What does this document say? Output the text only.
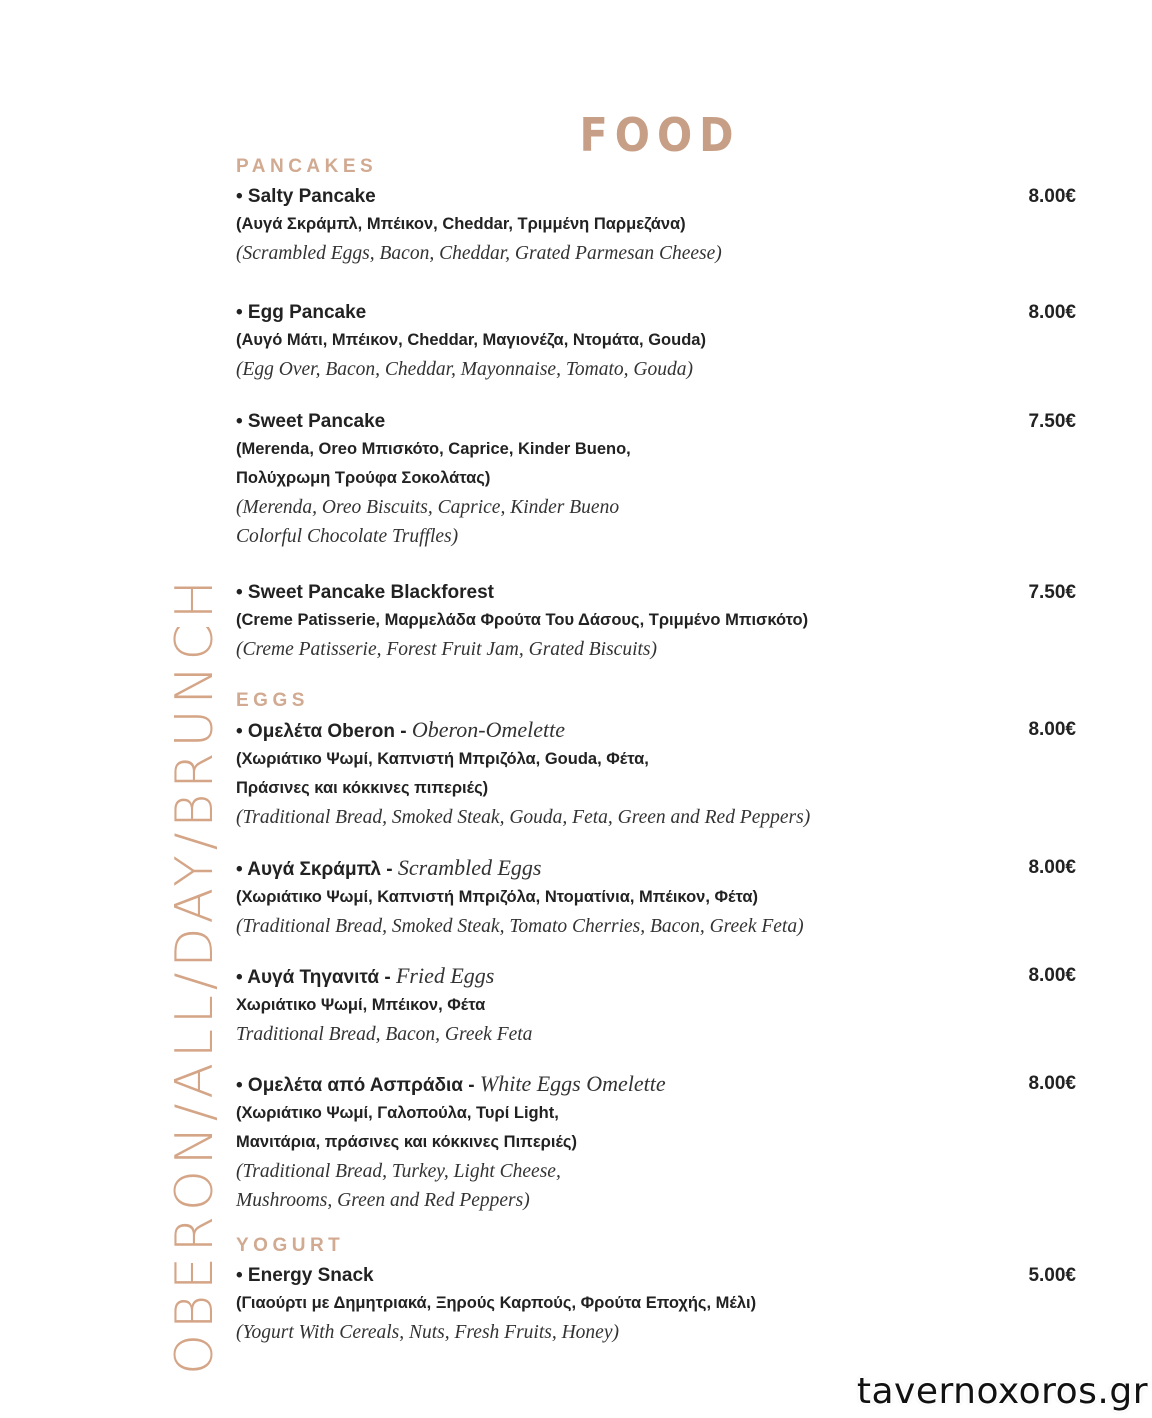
FOOD
OBERON/ALL/DAY/BRUNCH
PANCAKES
• Salty Pancake	8.00€
(Αυγά Σκράμπλ, Μπέικον, Cheddar, Τριμμένη Παρμεζάνα)
(Scrambled Eggs, Bacon, Cheddar, Grated Parmesan Cheese)
• Egg Pancake	8.00€
(Αυγό Μάτι, Μπέικον, Cheddar, Μαγιονέζα, Ντομάτα, Gouda)
(Egg Over, Bacon, Cheddar, Mayonnaise, Tomato, Gouda)
• Sweet Pancake	7.50€
(Merenda, Oreo Μπισκότο, Caprice, Kinder Bueno,
Πολύχρωμη Τρούφα Σοκολάτας)
(Merenda, Oreo Biscuits, Caprice, Kinder Bueno
Colorful Chocolate Truffles)
• Sweet Pancake Blackforest	7.50€
(Creme Patisserie, Μαρμελάδα Φρούτα Του Δάσους, Τριμμένο Μπισκότο)
(Creme Patisserie, Forest Fruit Jam, Grated Biscuits)
EGGS
• Ομελέτα Oberon - Oberon-Omelette	8.00€
(Χωριάτικο Ψωμί, Καπνιστή Μπριζόλα, Gouda, Φέτα,
Πράσινες και κόκκινες πιπεριές)
(Traditional Bread, Smoked Steak, Gouda, Feta, Green and Red Peppers)
• Αυγά Σκράμπλ - Scrambled Eggs	8.00€
(Χωριάτικο Ψωμί, Καπνιστή Μπριζόλα, Ντοματίνια, Μπέικον, Φέτα)
(Traditional Bread, Smoked Steak, Tomato Cherries, Bacon, Greek Feta)
• Αυγά Τηγανιτά - Fried Eggs	8.00€
Χωριάτικο Ψωμί, Μπέικον, Φέτα
Traditional Bread, Bacon, Greek Feta
• Ομελέτα από Ασπράδια - White Eggs Omelette	8.00€
(Χωριάτικο Ψωμί, Γαλοπούλα, Τυρί Light,
Μανιτάρια, πράσινες και κόκκινες Πιπεριές)
(Traditional Bread, Turkey, Light Cheese,
Mushrooms, Green and Red Peppers)
YOGURT
• Energy Snack	5.00€
(Γιαούρτι με Δημητριακά, Ξηρούς Καρπούς, Φρούτα Εποχής, Μέλι)
(Yogurt With Cereals, Nuts, Fresh Fruits, Honey)
tavernoxoros.gr
